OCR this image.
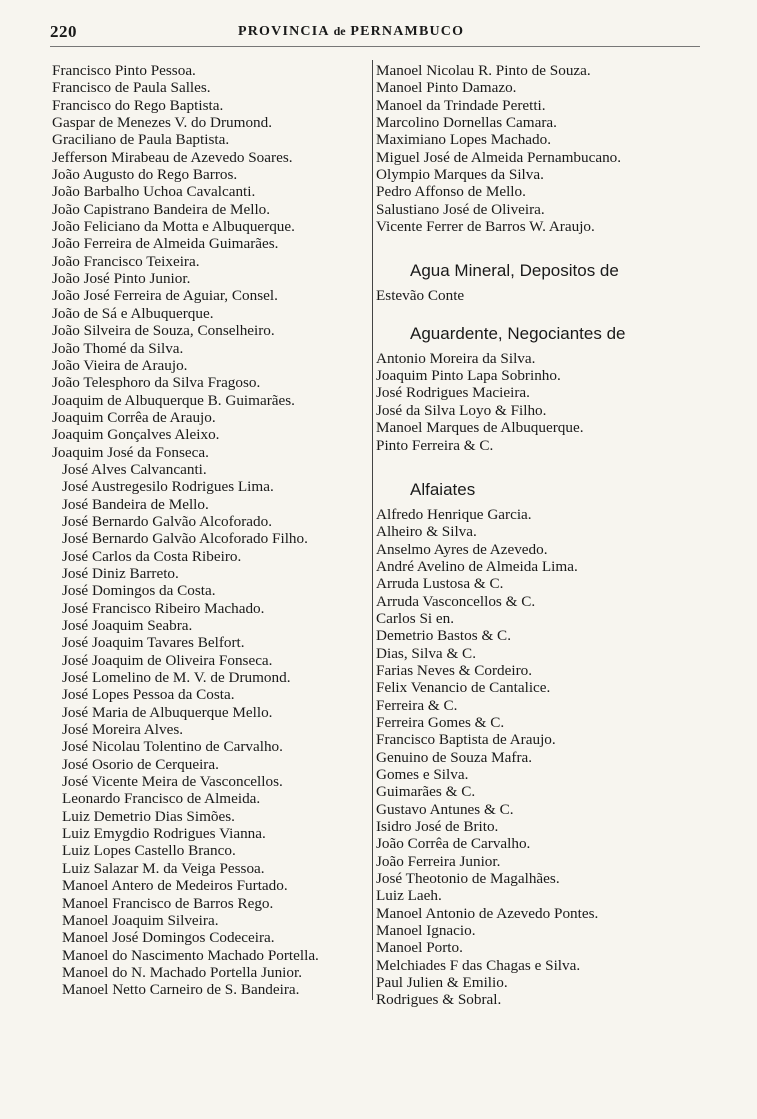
220	PROVINCIA de PERNAMBUCO
Francisco Pinto Pessoa.
Francisco de Paula Salles.
Francisco do Rego Baptista.
Gaspar de Menezes V. do Drumond.
Graciliano de Paula Baptista.
Jefferson Mirabeau de Azevedo Soares.
João Augusto do Rego Barros.
João Barbalho Uchoa Cavalcanti.
João Capistrano Bandeira de Mello.
João Feliciano da Motta e Albuquerque.
João Ferreira de Almeida Guimarães.
João Francisco Teixeira.
João José Pinto Junior.
João José Ferreira de Aguiar, Consel.
João de Sá e Albuquerque.
João Silveira de Souza, Conselheiro.
João Thomé da Silva.
João Vieira de Araujo.
João Telesphoro da Silva Fragoso.
Joaquim de Albuquerque B. Guimarães.
Joaquim Corrêa de Araujo.
Joaquim Gonçalves Aleixo.
Joaquim José da Fonseca.
José Alves Calvancanti.
José Austregesilo Rodrigues Lima.
José Bandeira de Mello.
José Bernardo Galvão Alcoforado.
José Bernardo Galvão Alcoforado Filho.
José Carlos da Costa Ribeiro.
José Diniz Barreto.
José Domingos da Costa.
José Francisco Ribeiro Machado.
José Joaquim Seabra.
José Joaquim Tavares Belfort.
José Joaquim de Oliveira Fonseca.
José Lomelino de M. V. de Drumond.
José Lopes Pessoa da Costa.
José Maria de Albuquerque Mello.
José Moreira Alves.
José Nicolau Tolentino de Carvalho.
José Osorio de Cerqueira.
José Vicente Meira de Vasconcellos.
Leonardo Francisco de Almeida.
Luiz Demetrio Dias Simões.
Luiz Emygdio Rodrigues Vianna.
Luiz Lopes Castello Branco.
Luiz Salazar M. da Veiga Pessoa.
Manoel Antero de Medeiros Furtado.
Manoel Francisco de Barros Rego.
Manoel Joaquim Silveira.
Manoel José Domingos Codeceira.
Manoel do Nascimento Machado Portella.
Manoel do N. Machado Portella Junior.
Manoel Netto Carneiro de S. Bandeira.
Manoel Nicolau R. Pinto de Souza.
Manoel Pinto Damazo.
Manoel da Trindade Peretti.
Marcolino Dornellas Camara.
Maximiano Lopes Machado.
Miguel José de Almeida Pernambucano.
Olympio Marques da Silva.
Pedro Affonso de Mello.
Salustiano José de Oliveira.
Vicente Ferrer de Barros W. Araujo.
Agua Mineral, Depositos de
Estevão Conte
Aguardente, Negociantes de
Antonio Moreira da Silva.
Joaquim Pinto Lapa Sobrinho.
José Rodrigues Macieira.
José da Silva Loyo & Filho.
Manoel Marques de Albuquerque.
Pinto Ferreira & C.
Alfaiates
Alfredo Henrique Garcia.
Alheiro & Silva.
Anselmo Ayres de Azevedo.
André Avelino de Almeida Lima.
Arruda Lustosa & C.
Arruda Vasconcellos & C.
Carlos Si en.
Demetrio Bastos & C.
Dias, Silva & C.
Farias Neves & Cordeiro.
Felix Venancio de Cantalice.
Ferreira & C.
Ferreira Gomes & C.
Francisco Baptista de Araujo.
Genuino de Souza Mafra.
Gomes e Silva.
Guimarães & C.
Gustavo Antunes & C.
Isidro José de Brito.
João Corrêa de Carvalho.
João Ferreira Junior.
José Theotonio de Magalhães.
Luiz Laeh.
Manoel Antonio de Azevedo Pontes.
Manoel Ignacio.
Manoel Porto.
Melchiades F das Chagas e Silva.
Paul Julien & Emilio.
Rodrigues & Sobral.
